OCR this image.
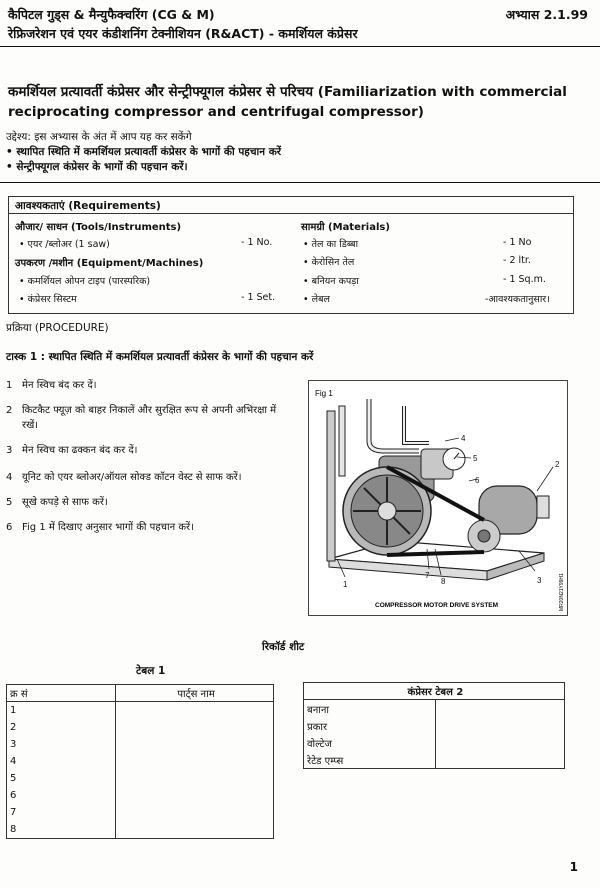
कैपिटल गुड्स & मैन्युफैक्चरिंग (CG & M)	अभ्यास 2.1.99
रेफ्रिजरेशन एवं एयर कंडीशनिंग टेक्नीशियन (R&ACT) - कमर्शियल कंप्रेसर
कमर्शियल प्रत्यावर्ती कंप्रेसर और सेन्ट्रीफ्यूगल कंप्रेसर से परिचय (Familiarization with commercial
reciprocating compressor and centrifugal compressor)
उद्देश्य: इस अभ्यास के अंत में आप यह कर सकेंगे
• स्थापित स्थिति में कमर्शियल प्रत्यावर्ती कंप्रेसर के भागों की पहचान करें
• सेन्ट्रीफ्यूगल कंप्रेसर के भागों की पहचान करें।
आवश्यकताएं (Requirements)
औजार/ साधन (Tools/Instruments)
• एयर /ब्लोअर (1 saw)	- 1 No.
उपकरण /मशीन (Equipment/Machines)
• कमर्शियल ओपन टाइप (पारस्परिक)
• कंप्रेसर सिस्टम	- 1 Set.
सामग्री (Materials)
• तेल का डिब्बा	- 1 No
• केरोसिन तेल	- 2 ltr.
• बनियन कपड़ा	- 1 Sq.m.
• लेबल	-आवश्यकतानुसार।
प्रक्रिया (PROCEDURE)
टास्क 1 : स्थापित स्थिति में कमर्शियल प्रत्यावर्ती कंप्रेसर के भागों की पहचान करें
1 मेन स्विच बंद कर दें।
2 किटकैट फ्यूज़ को बाहर निकालें और सुरक्षित रूप से अपनी अभिरक्षा में रखें।
3 मेन स्विच का ढक्कन बंद कर दें।
4 यूनिट को एयर ब्लोअर/ऑयल सोक्ड कॉटन वेस्ट से साफ करें।
5 सूखे कपड़े से साफ करें।
6 Fig 1 में दिखाए अनुसार भागों की पहचान करें।
Fig 1
4
5
6
2
3
1
7
8
COMPRESSOR MOTOR DRIVE SYSTEM	MR20N21Y99H1
रिकॉर्ड शीट
टेबल 1
क्र सं	पार्ट्स नाम
1	
2	
3	
4	
5	
6	
7	
8	
कंप्रेसर टेबल 2	
बनाना	
प्रकार	
वोल्टेज	
रेटेड एम्प्स	
1
